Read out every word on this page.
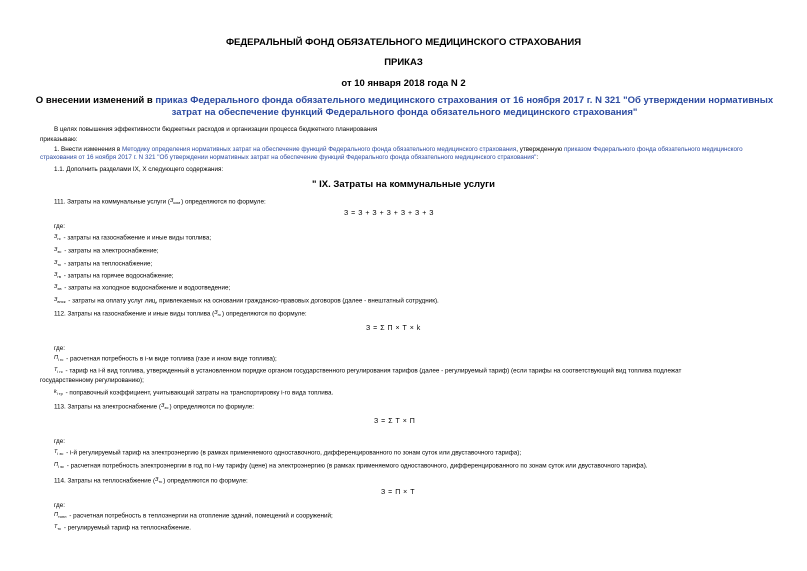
ФЕДЕРАЛЬНЫЙ ФОНД ОБЯЗАТЕЛЬНОГО МЕДИЦИНСКОГО СТРАХОВАНИЯ
ПРИКАЗ
от 10 января 2018 года N 2
О внесении изменений в приказ Федерального фонда обязательного медицинского страхования от 16 ноября 2017 г. N 321 "Об утверждении нормативных затрат на обеспечение функций Федерального фонда обязательного медицинского страхования"
В целях повышения эффективности бюджетных расходов и организации процесса бюджетного планирования
приказываю:
1. Внести изменения в Методику определения нормативных затрат на обеспечение функций Федерального фонда обязательного медицинского страхования, утвержденную приказом Федерального фонда обязательного медицинского страхования от 16 ноября 2017 г. N 321 "Об утверждении нормативных затрат на обеспечение функций Федерального фонда обязательного медицинского страхования":
1.1. Дополнить разделами IX, X следующего содержания:
" IX. Затраты на коммунальные услуги
111. Затраты на коммунальные услуги $(З_{ком})$ определяются по формуле:
З = З + З + З + З + З + З
где:
$З_{гс}$ - затраты на газоснабжение и иные виды топлива;
$З_{эс}$ - затраты на электроснабжение;
$З_{тс}$ - затраты на теплоснабжение;
$З_{гв}$ - затраты на горячее водоснабжение;
$З_{хв}$ - затраты на холодное водоснабжение и водоотведение;
$З_{внск}$ - затраты на оплату услуг лиц, привлекаемых на основании гражданско-правовых договоров (далее - внештатный сотрудник).
112. Затраты на газоснабжение и иные виды топлива $(З_{гс})$ определяются по формуле:
З = Σ П × Т × k
где:
$П_{i гс}$ - расчетная потребность в i-м виде топлива (газе и ином виде топлива);
$Т_{i гс}$ - тариф на i-й вид топлива, утвержденный в установленном порядке органом государственного регулирования тарифов (далее - регулируемый тариф) (если тарифы на соответствующий вид топлива подлежат
государственному регулированию);
$k_{i тр}$ - поправочный коэффициент, учитывающий затраты на транспортировку i-го вида топлива.
113. Затраты на электроснабжение $(З_{эс})$ определяются по формуле:
З = Σ Т × П
где:
$Т_{i эс} - i-й$ регулируемый тариф на электроэнергию (в рамках применяемого одноставочного, дифференцированного по зонам суток или двуставочного тарифа);
$П_{i эс}$ - расчетная потребность электроэнергии в год по i-му тарифу (цене) на электроэнергию (в рамках применяемого одноставочного, дифференцированного по зонам суток или двуставочного тарифа).
114. Затраты на теплоснабжение $(З_{тс})$ определяются по формуле:
З = П × Т
где:
$П_{топл}$ - расчетная потребность в теплоэнергии на отопление зданий, помещений и сооружений;
$Т_{тс}$ - регулируемый тариф на теплоснабжение.
